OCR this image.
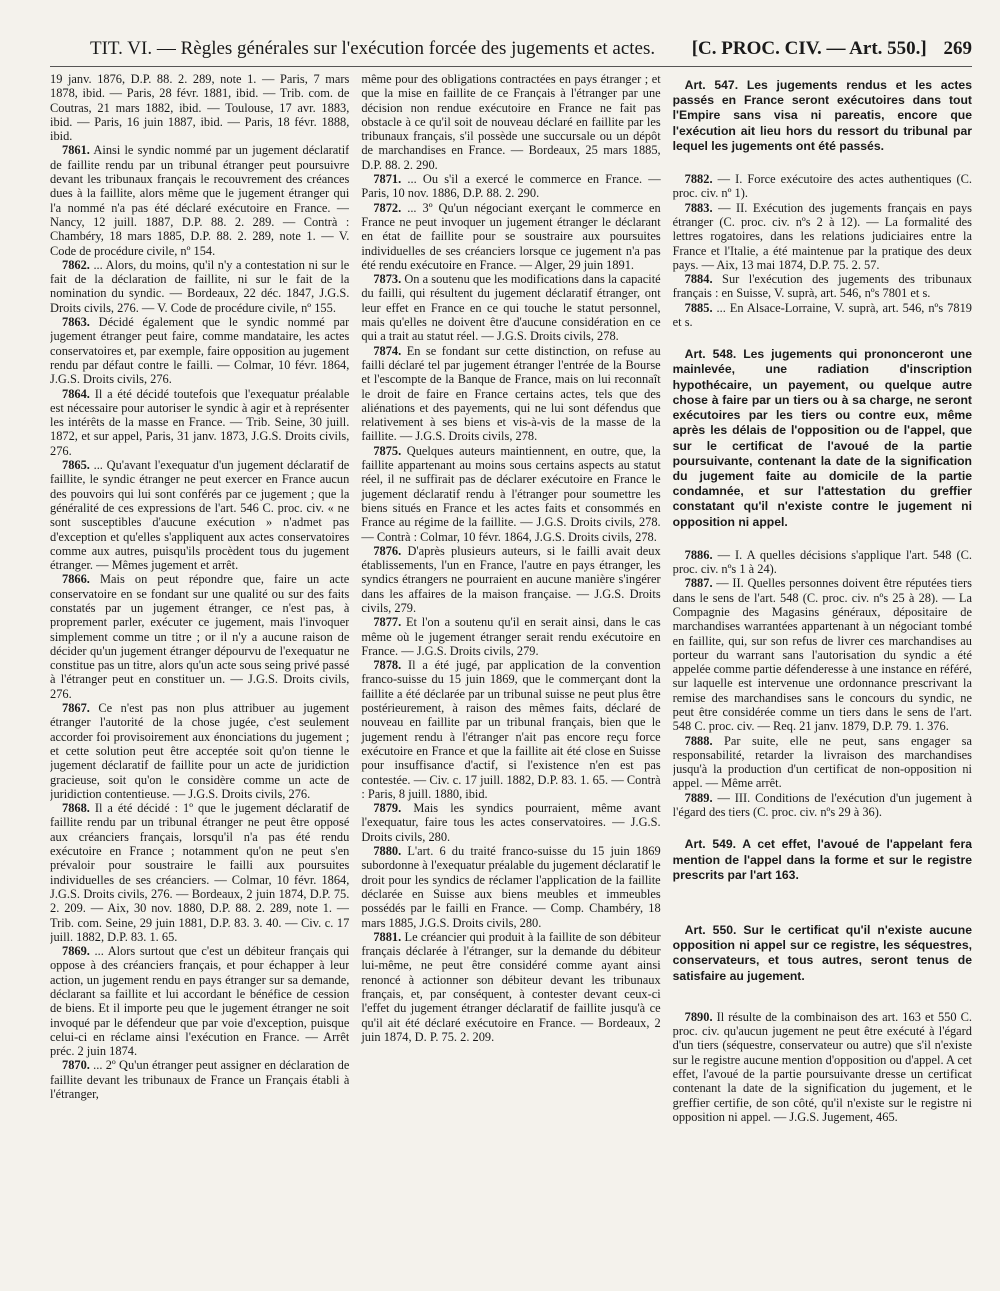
TIT. VI. — Règles générales sur l'exécution forcée des jugements et actes. [C. PROC. CIV. — Art. 550.] 269

19 janv. 1876, D.P. 88. 2. 289, note 1. — Paris, 7 mars 1878, ibid. — Paris, 28 févr. 1881, ibid. — Trib. com. de Coutras, 21 mars 1882, ibid. — Toulouse, 17 avr. 1883, ibid. — Paris, 16 juin 1887, ibid. — Paris, 18 févr. 1888, ibid.

7861. Ainsi le syndic nommé par un jugement déclaratif de faillite rendu par un tribunal étranger peut poursuivre devant les tribunaux français le recouvrement des créances dues à la faillite, alors même que le jugement étranger qui l'a nommé n'a pas été déclaré exécutoire en France. — Nancy, 12 juill. 1887, D.P. 88. 2. 289. — Contrà : Chambéry, 18 mars 1885, D.P. 88. 2. 289, note 1. — V. Code de procédure civile, nº 154.

7862. ... Alors, du moins, qu'il n'y a contestation ni sur le fait de la déclaration de faillite, ni sur le fait de la nomination du syndic. — Bordeaux, 22 déc. 1847, J.G.S. Droits civils, 276. — V. Code de procédure civile, nº 155.

7863. Décidé également que le syndic nommé par jugement étranger peut faire, comme mandataire, les actes conservatoires et, par exemple, faire opposition au jugement rendu par défaut contre le failli. — Colmar, 10 févr. 1864, J.G.S. Droits civils, 276.

7864. Il a été décidé toutefois que l'exequatur préalable est nécessaire pour autoriser le syndic à agir et à représenter les intérêts de la masse en France. — Trib. Seine, 30 juill. 1872, et sur appel, Paris, 31 janv. 1873, J.G.S. Droits civils, 276.

7865. ... Qu'avant l'exequatur d'un jugement déclaratif de faillite, le syndic étranger ne peut exercer en France aucun des pouvoirs qui lui sont conférés par ce jugement ; que la généralité de ces expressions de l'art. 546 C. proc. civ. « ne sont susceptibles d'aucune exécution » n'admet pas d'exception et qu'elles s'appliquent aux actes conservatoires comme aux autres, puisqu'ils procèdent tous du jugement étranger. — Mêmes jugement et arrêt.

7866. Mais on peut répondre que, faire un acte conservatoire en se fondant sur une qualité ou sur des faits constatés par un jugement étranger, ce n'est pas, à proprement parler, exécuter ce jugement, mais l'invoquer simplement comme un titre ; or il n'y a aucune raison de décider qu'un jugement étranger dépourvu de l'exequatur ne constitue pas un titre, alors qu'un acte sous seing privé passé à l'étranger peut en constituer un. — J.G.S. Droits civils, 276.

7867. Ce n'est pas non plus attribuer au jugement étranger l'autorité de la chose jugée, c'est seulement accorder foi provisoirement aux énonciations du jugement ; et cette solution peut être acceptée soit qu'on tienne le jugement déclaratif de faillite pour un acte de juridiction gracieuse, soit qu'on le considère comme un acte de juridiction contentieuse. — J.G.S. Droits civils, 276.

7868. Il a été décidé : 1º que le jugement déclaratif de faillite rendu par un tribunal étranger ne peut être opposé aux créanciers français, lorsqu'il n'a pas été rendu exécutoire en France ; notamment qu'on ne peut s'en prévaloir pour soustraire le failli aux poursuites individuelles de ses créanciers. — Colmar, 10 févr. 1864, J.G.S. Droits civils, 276. — Bordeaux, 2 juin 1874, D.P. 75. 2. 209. — Aix, 30 nov. 1880, D.P. 88. 2. 289, note 1. — Trib. com. Seine, 29 juin 1881, D.P. 83. 3. 40. — Civ. c. 17 juill. 1882, D.P. 83. 1. 65.

7869. ... Alors surtout que c'est un débiteur français qui oppose à des créanciers français, et pour échapper à leur action, un jugement rendu en pays étranger sur sa demande, déclarant sa faillite et lui accordant le bénéfice de cession de biens. Et il importe peu que le jugement étranger ne soit invoqué par le défendeur que par voie d'exception, puisque celui-ci en réclame ainsi l'exécution en France. — Arrêt préc. 2 juin 1874.

7870. ... 2º Qu'un étranger peut assigner en déclaration de faillite devant les tribunaux de France un Français établi à l'étranger,

même pour des obligations contractées en pays étranger ; et que la mise en faillite de ce Français à l'étranger par une décision non rendue exécutoire en France ne fait pas obstacle à ce qu'il soit de nouveau déclaré en faillite par les tribunaux français, s'il possède une succursale ou un dépôt de marchandises en France. — Bordeaux, 25 mars 1885, D.P. 88. 2. 290.

7871. ... Ou s'il a exercé le commerce en France. — Paris, 10 nov. 1886, D.P. 88. 2. 290.

7872. ... 3º Qu'un négociant exerçant le commerce en France ne peut invoquer un jugement étranger le déclarant en état de faillite pour se soustraire aux poursuites individuelles de ses créanciers lorsque ce jugement n'a pas été rendu exécutoire en France. — Alger, 29 juin 1891.

7873. On a soutenu que les modifications dans la capacité du failli, qui résultent du jugement déclaratif étranger, ont leur effet en France en ce qui touche le statut personnel, mais qu'elles ne doivent être d'aucune considération en ce qui a trait au statut réel. — J.G.S. Droits civils, 278.

7874. En se fondant sur cette distinction, on refuse au failli déclaré tel par jugement étranger l'entrée de la Bourse et l'escompte de la Banque de France, mais on lui reconnaît le droit de faire en France certains actes, tels que des aliénations et des payements, qui ne lui sont défendus que relativement à ses biens et vis-à-vis de la masse de la faillite. — J.G.S. Droits civils, 278.

7875. Quelques auteurs maintiennent, en outre, que, la faillite appartenant au moins sous certains aspects au statut réel, il ne suffirait pas de déclarer exécutoire en France le jugement déclaratif rendu à l'étranger pour soumettre les biens situés en France et les actes faits et consommés en France au régime de la faillite. — J.G.S. Droits civils, 278. — Contrà : Colmar, 10 févr. 1864, J.G.S. Droits civils, 278.

7876. D'après plusieurs auteurs, si le failli avait deux établissements, l'un en France, l'autre en pays étranger, les syndics étrangers ne pourraient en aucune manière s'ingérer dans les affaires de la maison française. — J.G.S. Droits civils, 279.

7877. Et l'on a soutenu qu'il en serait ainsi, dans le cas même où le jugement étranger serait rendu exécutoire en France. — J.G.S. Droits civils, 279.

7878. Il a été jugé, par application de la convention franco-suisse du 15 juin 1869, que le commerçant dont la faillite a été déclarée par un tribunal suisse ne peut plus être postérieurement, à raison des mêmes faits, déclaré de nouveau en faillite par un tribunal français, bien que le jugement rendu à l'étranger n'ait pas encore reçu force exécutoire en France et que la faillite ait été close en Suisse pour insuffisance d'actif, si l'existence n'en est pas contestée. — Civ. c. 17 juill. 1882, D.P. 83. 1. 65. — Contrà : Paris, 8 juill. 1880, ibid.

7879. Mais les syndics pourraient, même avant l'exequatur, faire tous les actes conservatoires. — J.G.S. Droits civils, 280.

7880. L'art. 6 du traité franco-suisse du 15 juin 1869 subordonne à l'exequatur préalable du jugement déclaratif le droit pour les syndics de réclamer l'application de la faillite déclarée en Suisse aux biens meubles et immeubles possédés par le failli en France. — Comp. Chambéry, 18 mars 1885, J.G.S. Droits civils, 280.

7881. Le créancier qui produit à la faillite de son débiteur français déclarée à l'étranger, sur la demande du débiteur lui-même, ne peut être considéré comme ayant ainsi renoncé à actionner son débiteur devant les tribunaux français, et, par conséquent, à contester devant ceux-ci l'effet du jugement étranger déclaratif de faillite jusqu'à ce qu'il ait été déclaré exécutoire en France. — Bordeaux, 2 juin 1874, D. P. 75. 2. 209.

Art. 547. Les jugements rendus et les actes passés en France seront exécutoires dans tout l'Empire sans visa ni pareatis, encore que l'exécution ait lieu hors du ressort du tribunal par lequel les jugements ont été passés.

7882. — I. Force exécutoire des actes authentiques (C. proc. civ. nº 1).

7883. — II. Exécution des jugements français en pays étranger (C. proc. civ. nºs 2 à 12). — La formalité des lettres rogatoires, dans les relations judiciaires entre la France et l'Italie, a été maintenue par la pratique des deux pays. — Aix, 13 mai 1874, D.P. 75. 2. 57.

7884. Sur l'exécution des jugements des tribunaux français : en Suisse, V. suprà, art. 546, nºs 7801 et s.

7885. ... En Alsace-Lorraine, V. suprà, art. 546, nºs 7819 et s.

Art. 548. Les jugements qui prononceront une mainlevée, une radiation d'inscription hypothécaire, un payement, ou quelque autre chose à faire par un tiers ou à sa charge, ne seront exécutoires par les tiers ou contre eux, même après les délais de l'opposition ou de l'appel, que sur le certificat de l'avoué de la partie poursuivante, contenant la date de la signification du jugement faite au domicile de la partie condamnée, et sur l'attestation du greffier constatant qu'il n'existe contre le jugement ni opposition ni appel.

7886. — I. A quelles décisions s'applique l'art. 548 (C. proc. civ. nºs 1 à 24).

7887. — II. Quelles personnes doivent être réputées tiers dans le sens de l'art. 548 (C. proc. civ. nºs 25 à 28). — La Compagnie des Magasins généraux, dépositaire de marchandises warrantées appartenant à un négociant tombé en faillite, qui, sur son refus de livrer ces marchandises au porteur du warrant sans l'autorisation du syndic a été appelée comme partie défenderesse à une instance en référé, sur laquelle est intervenue une ordonnance prescrivant la remise des marchandises sans le concours du syndic, ne peut être considérée comme un tiers dans le sens de l'art. 548 C. proc. civ. — Req. 21 janv. 1879, D.P. 79. 1. 376.

7888. Par suite, elle ne peut, sans engager sa responsabilité, retarder la livraison des marchandises jusqu'à la production d'un certificat de non-opposition ni appel. — Même arrêt.

7889. — III. Conditions de l'exécution d'un jugement à l'égard des tiers (C. proc. civ. nºs 29 à 36).

Art. 549. A cet effet, l'avoué de l'appelant fera mention de l'appel dans la forme et sur le registre prescrits par l'art 163.

Art. 550. Sur le certificat qu'il n'existe aucune opposition ni appel sur ce registre, les séquestres, conservateurs, et tous autres, seront tenus de satisfaire au jugement.

7890. Il résulte de la combinaison des art. 163 et 550 C. proc. civ. qu'aucun jugement ne peut être exécuté à l'égard d'un tiers (séquestre, conservateur ou autre) que s'il n'existe sur le registre aucune mention d'opposition ou d'appel. A cet effet, l'avoué de la partie poursuivante dresse un certificat contenant la date de la signification du jugement, et le greffier certifie, de son côté, qu'il n'existe sur le registre ni opposition ni appel. — J.G.S. Jugement, 465.
